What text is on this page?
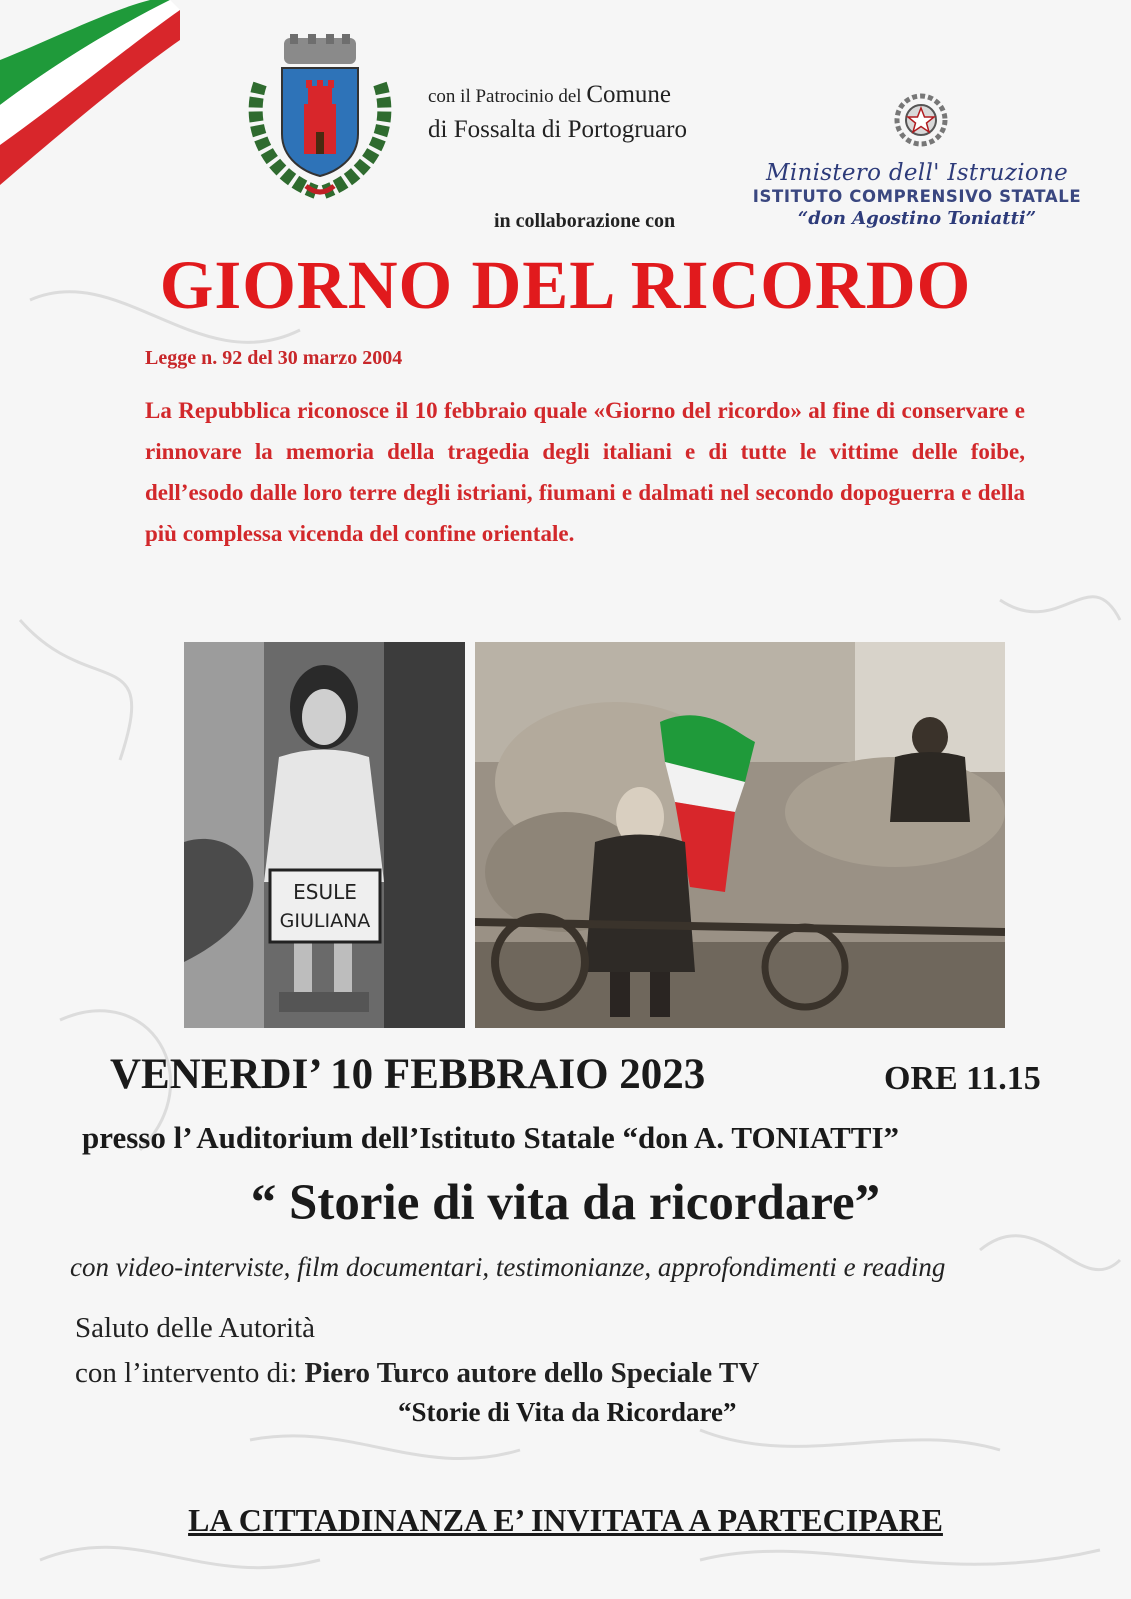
con il Patrocinio del Comune
di Fossalta di Portogruaro
Ministero dell' Istruzione
ISTITUTO COMPRENSIVO STATALE
“don Agostino Toniatti”
in collaborazione con
GIORNO DEL RICORDO
Legge n. 92 del 30 marzo 2004
La Repubblica riconosce il 10 febbraio quale «Giorno del ricordo» al fine di conservare e rinnovare la memoria della tragedia degli italiani e di tutte le vittime delle foibe, dell’esodo dalle loro terre degli istriani, fiumani e dalmati nel secondo dopoguerra e della più complessa vicenda del confine orientale.
ESULE
GIULIANA
VENERDI’ 10 FEBBRAIO 2023	ORE 11.15
presso l’ Auditorium dell’Istituto Statale “don A. TONIATTI”
“ Storie di vita da ricordare”
con video-interviste, film documentari, testimonianze, approfondimenti e reading
Saluto delle Autorità
con l’intervento di: Piero Turco autore dello Speciale TV
“Storie di Vita da Ricordare”
LA CITTADINANZA E’ INVITATA A PARTECIPARE
